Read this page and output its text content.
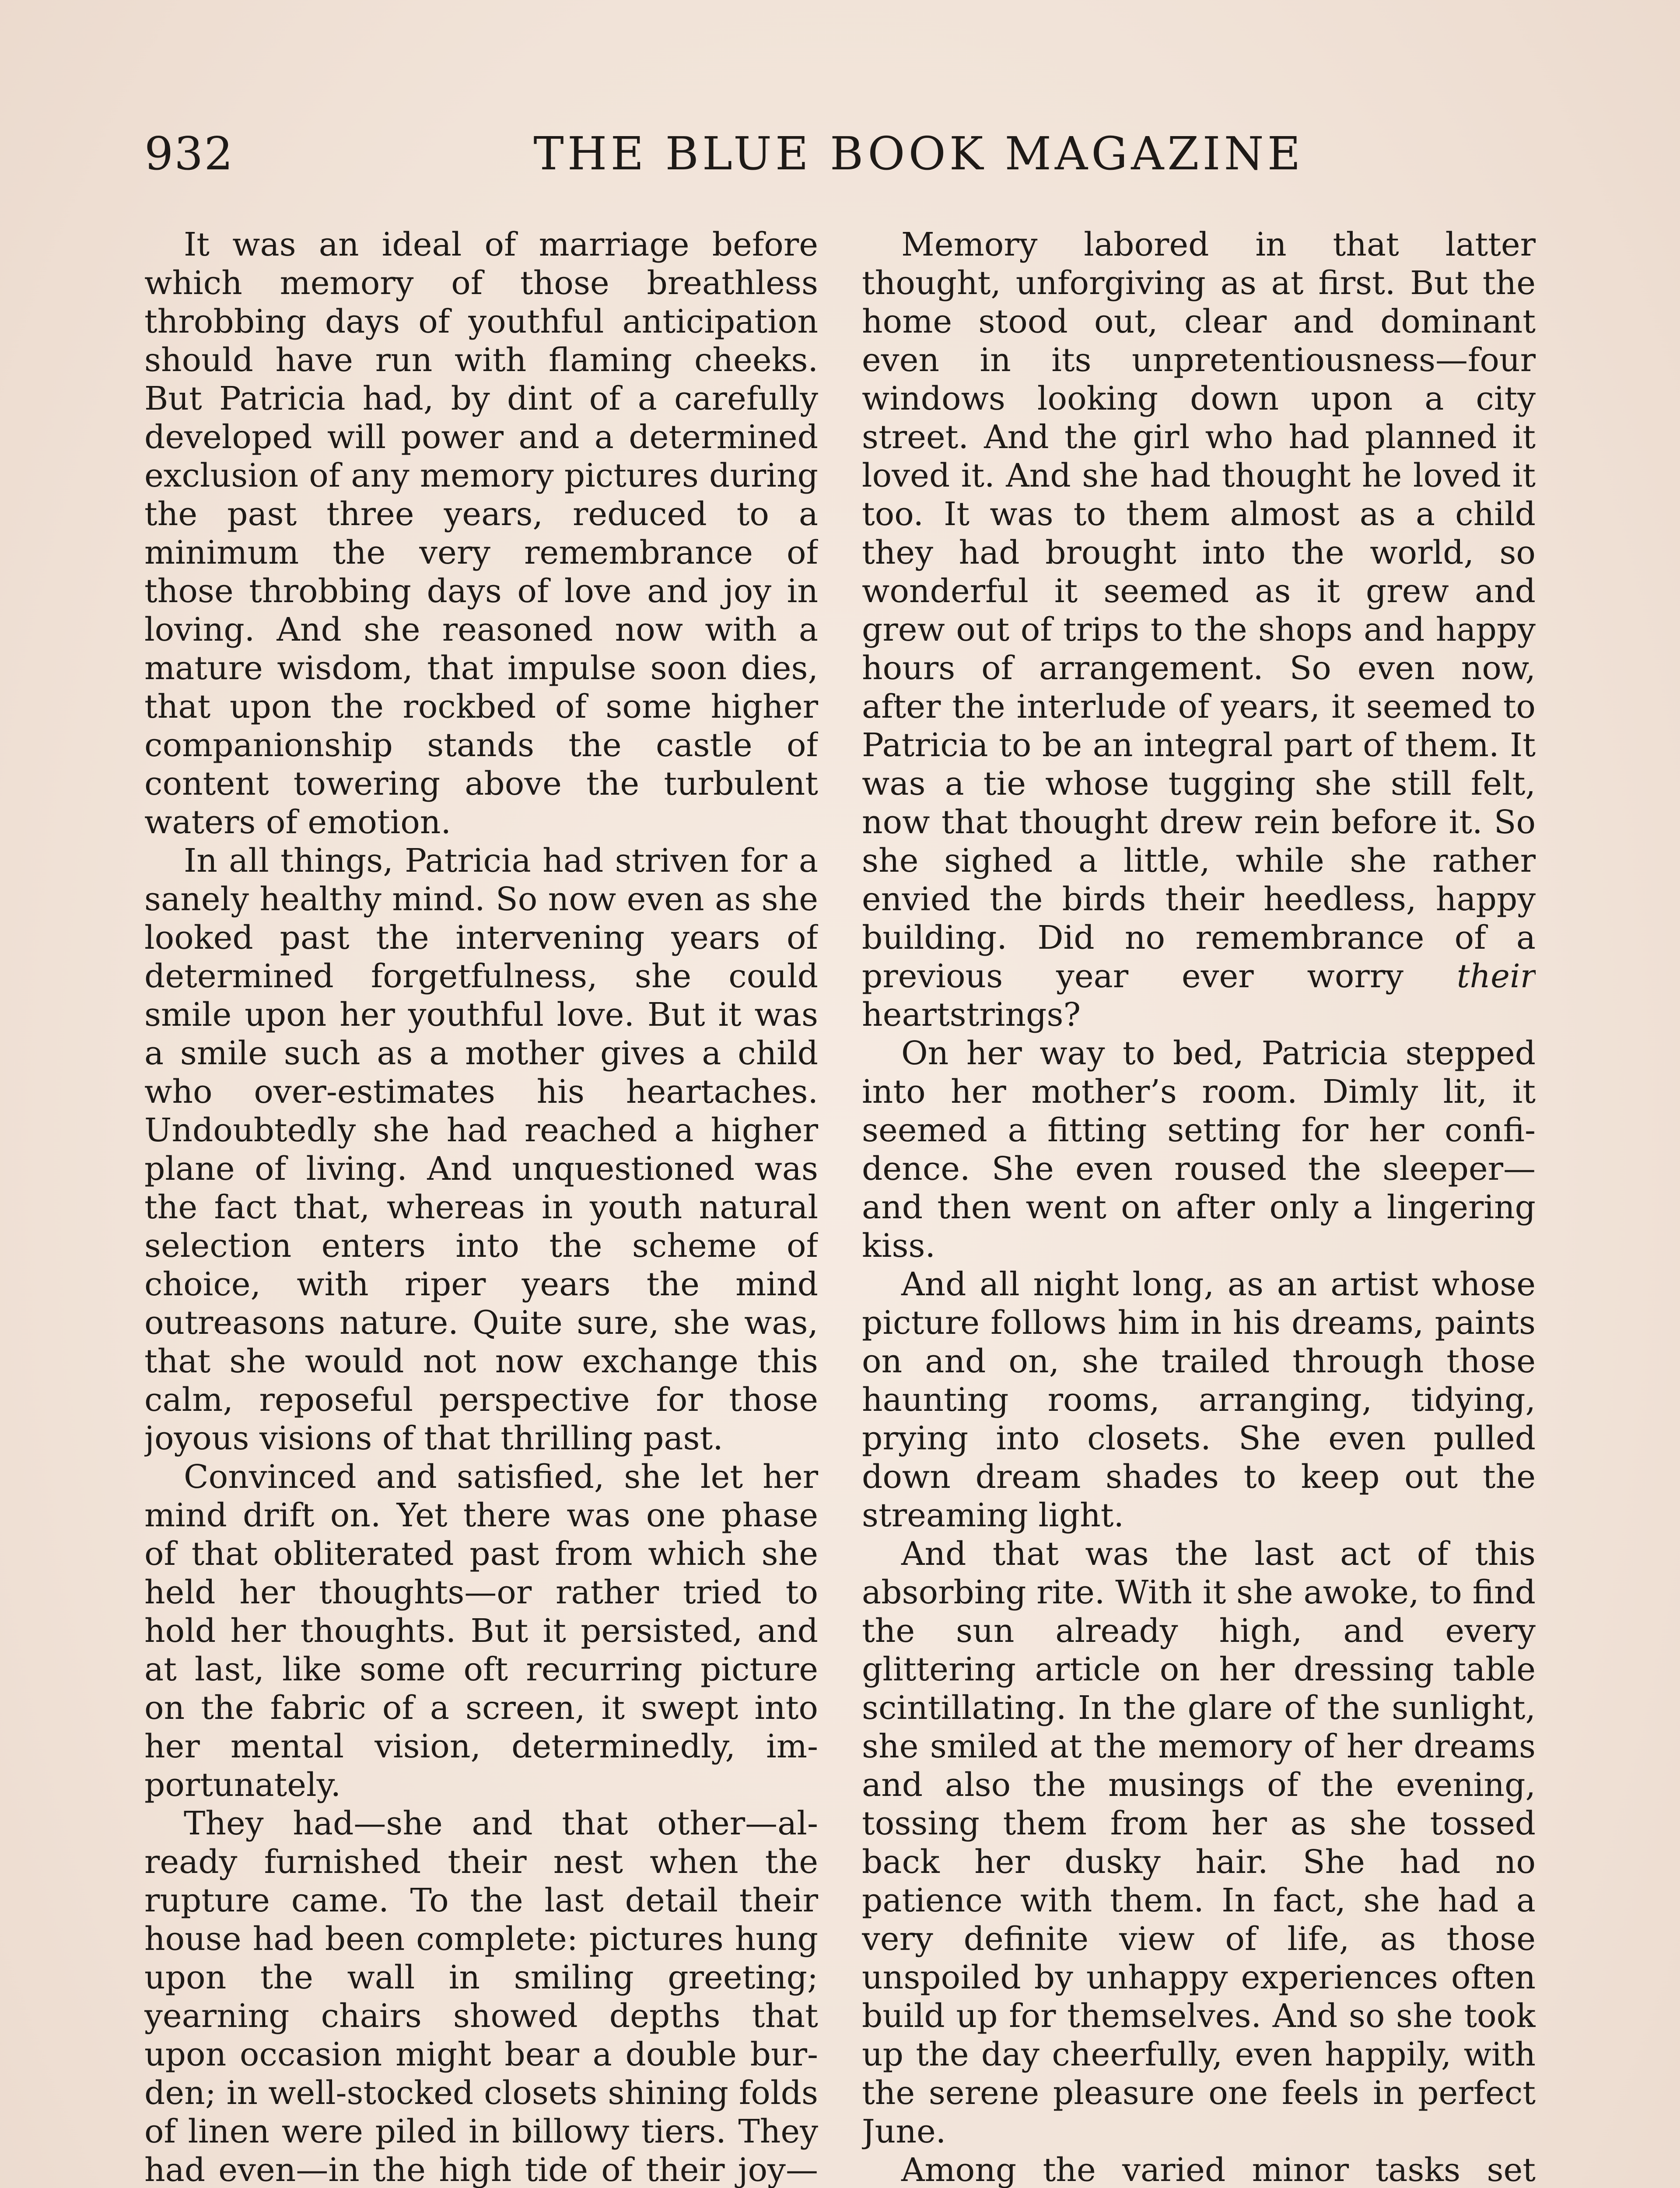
932	THE BLUE BOOK MAGAZINE

It was an ideal of marriage before which memory of those breathless throbbing days of youthful anticipation should have run with flaming cheeks. But Patricia had, by dint of a carefully developed will power and a determined exclusion of any memory pictures during the past three years, reduced to a minimum the very remembrance of those throbbing days of love and joy in loving. And she reasoned now with a mature wisdom, that impulse soon dies, that upon the rockbed of some higher companionship stands the castle of content towering above the turbulent waters of emotion.

In all things, Patricia had striven for a sanely healthy mind. So now even as she looked past the intervening years of determined forgetfulness, she could smile upon her youthful love. But it was a smile such as a mother gives a child who over-estimates his heartaches. Undoubtedly she had reached a higher plane of living. And unquestioned was the fact that, whereas in youth natural selection enters into the scheme of choice, with riper years the mind outreasons nature. Quite sure, she was, that she would not now exchange this calm, reposeful perspective for those joyous visions of that thrilling past.

Convinced and satisfied, she let her mind drift on. Yet there was one phase of that obliterated past from which she held her thoughts—or rather tried to hold her thoughts. But it persisted, and at last, like some oft recurring picture on the fabric of a screen, it swept into her mental vision, determinedly, importunately.

They had—she and that other—already furnished their nest when the rupture came. To the last detail their house had been complete: pictures hung upon the wall in smiling greeting; yearning chairs showed depths that upon occasion might bear a double burden; in well-stocked closets shining folds of linen were piled in billowy tiers. They had even—in the high tide of their joy—

Memory labored in that latter thought, unforgiving as at first. But the home stood out, clear and dominant even in its unpretentiousness—four windows looking down upon a city street. And the girl who had planned it loved it. And she had thought he loved it too. It was to them almost as a child they had brought into the world, so wonderful it seemed as it grew and grew out of trips to the shops and happy hours of arrangement. So even now, after the interlude of years, it seemed to Patricia to be an integral part of them. It was a tie whose tugging she still felt, now that thought drew rein before it. So she sighed a little, while she rather envied the birds their heedless, happy building. Did no remembrance of a previous year ever worry their heartstrings?

On her way to bed, Patricia stepped into her mother’s room. Dimly lit, it seemed a fitting setting for her confidence. She even roused the sleeper—and then went on after only a lingering kiss.

And all night long, as an artist whose picture follows him in his dreams, paints on and on, she trailed through those haunting rooms, arranging, tidying, prying into closets. She even pulled down dream shades to keep out the streaming light.

And that was the last act of this absorbing rite. With it she awoke, to find the sun already high, and every glittering article on her dressing table scintillating. In the glare of the sunlight, she smiled at the memory of her dreams and also the musings of the evening, tossing them from her as she tossed back her dusky hair. She had no patience with them. In fact, she had a very definite view of life, as those unspoiled by unhappy experiences often build up for themselves. And so she took up the day cheerfully, even happily, with the serene pleasure one feels in perfect June.

Among the varied minor tasks set
